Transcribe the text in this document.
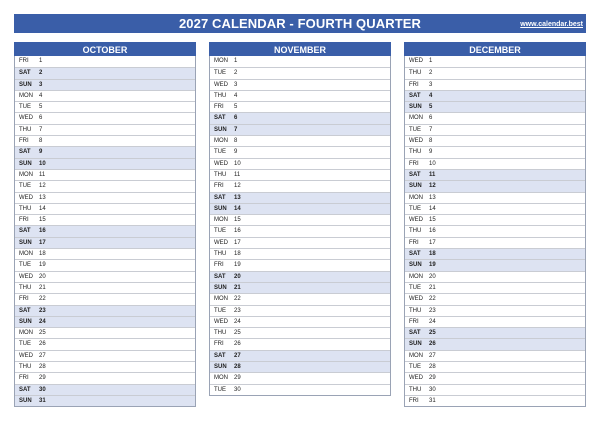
2027 CALENDAR - FOURTH QUARTER	www.calendar.best
OCTOBER
FRI	1
SAT	2
SUN	3
MON	4
TUE	5
WED	6
THU	7
FRI	8
SAT	9
SUN	10
MON	11
TUE	12
WED	13
THU	14
FRI	15
SAT	16
SUN	17
MON	18
TUE	19
WED	20
THU	21
FRI	22
SAT	23
SUN	24
MON	25
TUE	26
WED	27
THU	28
FRI	29
SAT	30
SUN	31
NOVEMBER
MON	1
TUE	2
WED	3
THU	4
FRI	5
SAT	6
SUN	7
MON	8
TUE	9
WED	10
THU	11
FRI	12
SAT	13
SUN	14
MON	15
TUE	16
WED	17
THU	18
FRI	19
SAT	20
SUN	21
MON	22
TUE	23
WED	24
THU	25
FRI	26
SAT	27
SUN	28
MON	29
TUE	30
DECEMBER
WED	1
THU	2
FRI	3
SAT	4
SUN	5
MON	6
TUE	7
WED	8
THU	9
FRI	10
SAT	11
SUN	12
MON	13
TUE	14
WED	15
THU	16
FRI	17
SAT	18
SUN	19
MON	20
TUE	21
WED	22
THU	23
FRI	24
SAT	25
SUN	26
MON	27
TUE	28
WED	29
THU	30
FRI	31
